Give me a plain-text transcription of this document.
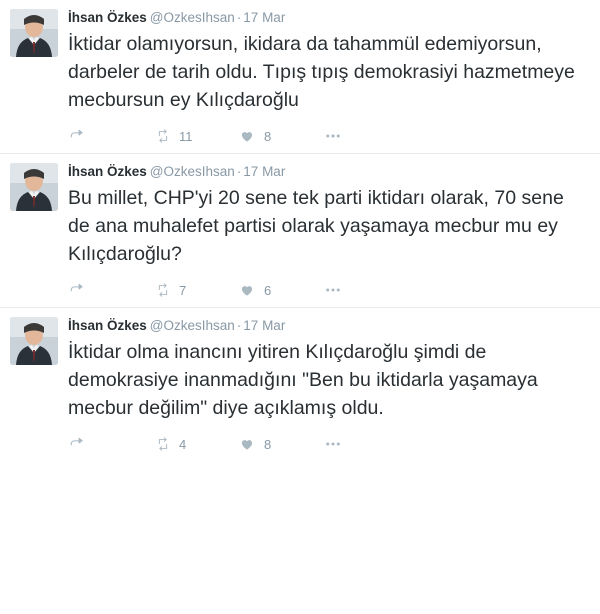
İhsan Özkes @OzkesIhsan · 17 Mar
İktidar olamıyorsun, ikidara da tahammül edemiyorsun, darbeler de tarih oldu. Tıpış tıpış demokrasiyi hazmetmeye mecbursun ey Kılıçdaroğlu
11	8
İhsan Özkes @OzkesIhsan · 17 Mar
Bu millet, CHP'yi 20 sene tek parti iktidarı olarak, 70 sene de ana muhalefet partisi olarak yaşamaya mecbur mu ey Kılıçdaroğlu?
7	6
İhsan Özkes @OzkesIhsan · 17 Mar
İktidar olma inancını yitiren Kılıçdaroğlu şimdi de demokrasiye inanmadığını "Ben bu iktidarla yaşamaya mecbur değilim" diye açıklamış oldu.
4	8
